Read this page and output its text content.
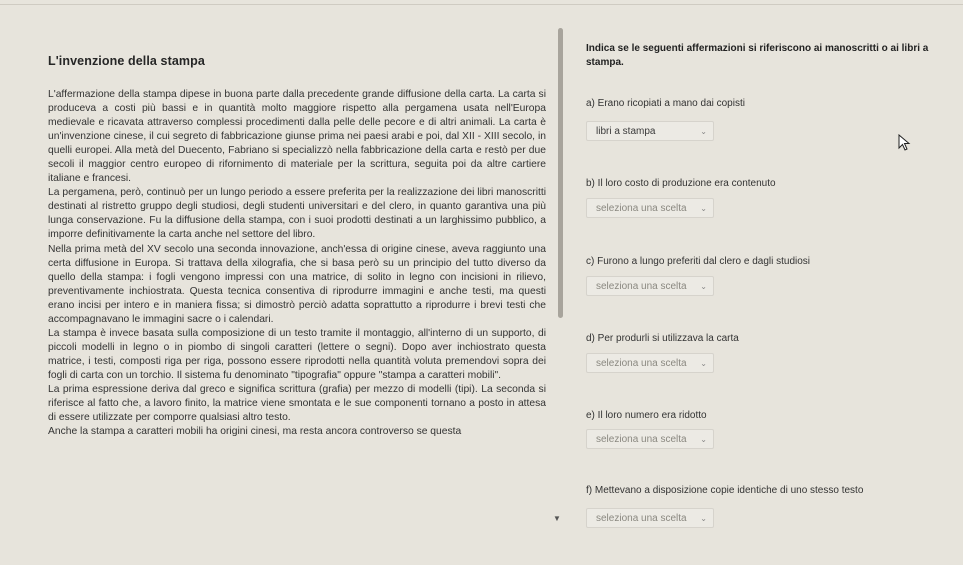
L'invenzione della stampa

L'affermazione della stampa dipese in buona parte dalla precedente grande diffusione della carta. La carta si produceva a costi più bassi e in quantità molto maggiore rispetto alla pergamena usata nell'Europa medievale e ricavata attraverso complessi procedimenti dalla pelle delle pecore e di altri animali. La carta è un'invenzione cinese, il cui segreto di fabbricazione giunse prima nei paesi arabi e poi, dal XII - XIII secolo, in quelli europei. Alla metà del Duecento, Fabriano si specializzò nella fabbricazione della carta e restò per due secoli il maggior centro europeo di rifornimento di materiale per la scrittura, seguita poi da altre cartiere italiane e francesi.

La pergamena, però, continuò per un lungo periodo a essere preferita per la realizzazione dei libri manoscritti destinati al ristretto gruppo degli studiosi, degli studenti universitari e del clero, in quanto garantiva una più lunga conservazione. Fu la diffusione della stampa, con i suoi prodotti destinati a un larghissimo pubblico, a imporre definitivamente la carta anche nel settore del libro.

Nella prima metà del XV secolo una seconda innovazione, anch'essa di origine cinese, aveva raggiunto una certa diffusione in Europa. Si trattava della xilografia, che si basa però su un principio del tutto diverso da quello della stampa: i fogli vengono impressi con una matrice, di solito in legno con incisioni in rilievo, preventivamente inchiostrata. Questa tecnica consentiva di riprodurre immagini e anche testi, ma questi erano incisi per intero e in maniera fissa; si dimostrò perciò adatta soprattutto a riprodurre i brevi testi che accompagnavano le immagini sacre o i calendari.

La stampa è invece basata sulla composizione di un testo tramite il montaggio, all'interno di un supporto, di piccoli modelli in legno o in piombo di singoli caratteri (lettere o segni). Dopo aver inchiostrato questa matrice, i testi, composti riga per riga, possono essere riprodotti nella quantità voluta premendovi sopra dei fogli di carta con un torchio. Il sistema fu denominato "tipografia" oppure "stampa a caratteri mobili".

La prima espressione deriva dal greco e significa scrittura (grafia) per mezzo di modelli (tipi). La seconda si riferisce al fatto che, a lavoro finito, la matrice viene smontata e le sue componenti tornano a posto in attesa di essere utilizzate per comporre qualsiasi altro testo.

Anche la stampa a caratteri mobili ha origini cinesi, ma resta ancora controverso se questa

▼
Indica se le seguenti affermazioni si riferiscono ai manoscritti o ai libri a stampa.
a) Erano ricopiati a mano dai copisti
libri a stampa	⌄
b) Il loro costo di produzione era contenuto
seleziona una scelta ⌄
c) Furono a lungo preferiti dal clero e dagli studiosi
seleziona una scelta ⌄
d) Per produrli si utilizzava la carta
seleziona una scelta ⌄
e) Il loro numero era ridotto
seleziona una scelta ⌄
f) Mettevano a disposizione copie identiche di uno stesso testo
seleziona una scelta ⌄
